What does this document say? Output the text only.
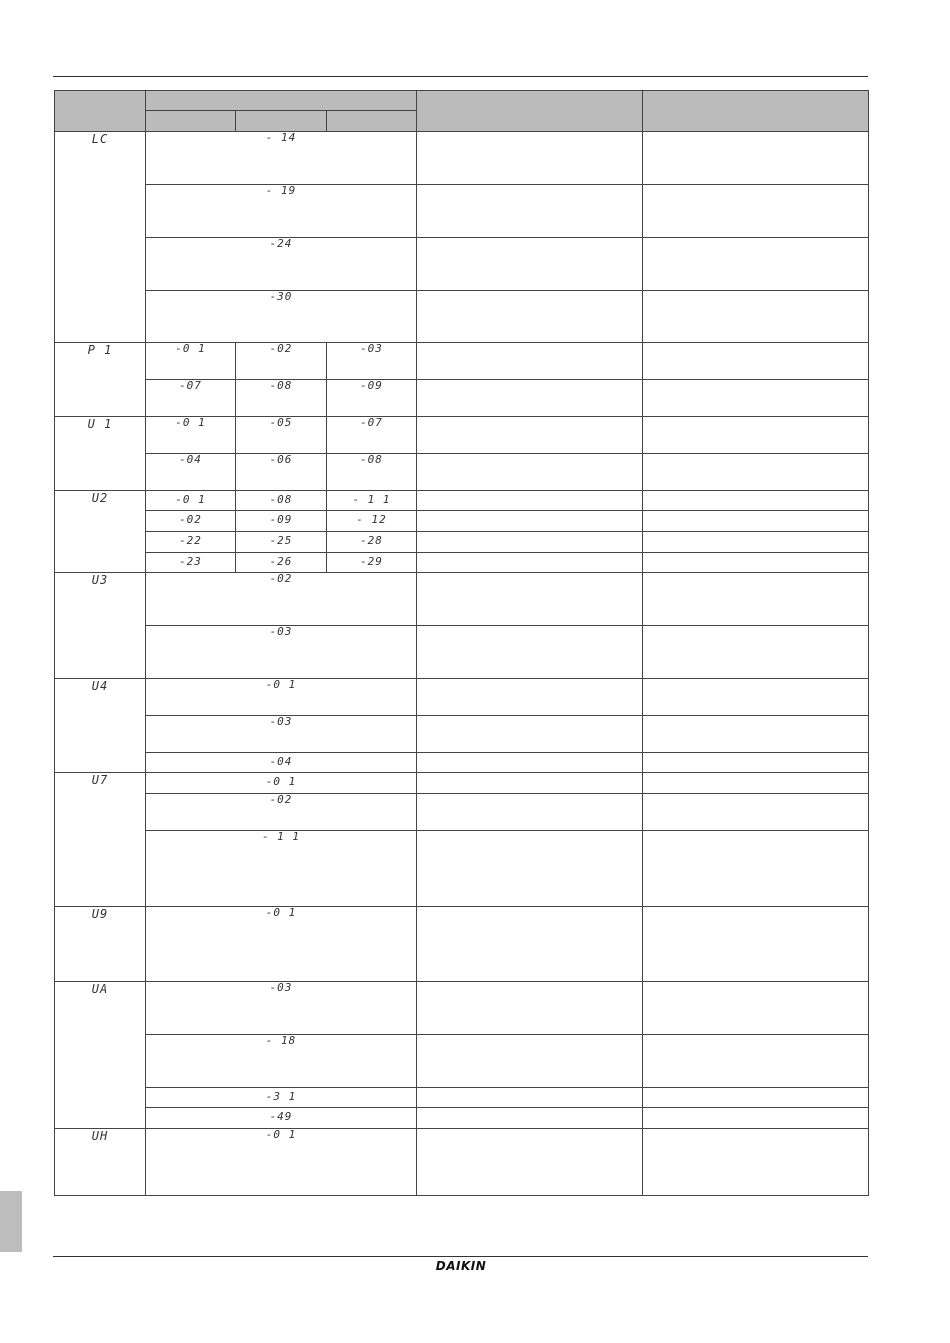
LC	- 14				
	- 19				
	-24				
	-30				
P 1	-0 1	-02	-03		
	-07	-08	-09		
U 1	-0 1	-05	-07		
	-04	-06	-08		
U2	-0 1	-08	- 1 1		
	-02	-09	- 12		
	-22	-25	-28		
	-23	-26	-29		
U3	-02				
	-03				
U4	-0 1				
	-03				
	-04				
U7	-0 1				
	-02				
	- 1 1				
U9	-0 1				
UA	-03				
	- 18				
	-3 1				
	-49				
UH	-0 1				
DAIKIN
